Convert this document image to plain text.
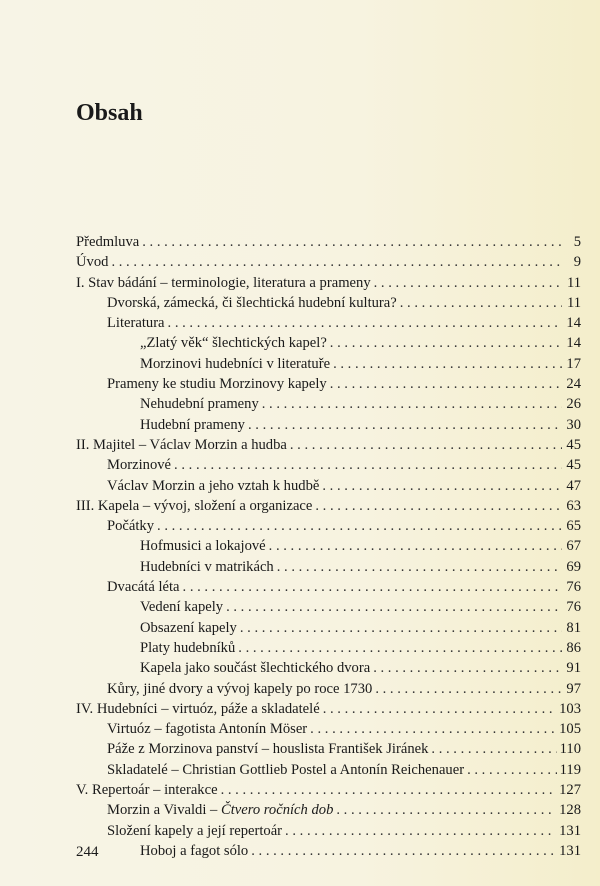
Obsah
Předmluva . . .	5
Úvod . . .	9
I. Stav bádání – terminologie, literatura a prameny . . .	11
Dvorská, zámecká, či šlechtická hudební kultura? . . .	11
Literatura . . .	14
„Zlatý věk“ šlechtických kapel? . . .	14
Morzinovi hudebníci v literatuře . . .	17
Prameny ke studiu Morzinovy kapely . . .	24
Nehudební prameny . . .	26
Hudební prameny . . .	30
II. Majitel – Václav Morzin a hudba . . .	45
Morzinové . . .	45
Václav Morzin a jeho vztah k hudbě . . .	47
III. Kapela – vývoj, složení a organizace . . .	63
Počátky . . .	65
Hofmusici a lokajové . . .	67
Hudebníci v matrikách . . .	69
Dvacátá léta . . .	76
Vedení kapely . . .	76
Obsazení kapely . . .	81
Platy hudebníků . . .	86
Kapela jako součást šlechtického dvora . . .	91
Kůry, jiné dvory a vývoj kapely po roce 1730 . . .	97
IV. Hudebníci – virtuóz, páže a skladatelé . . .	103
Virtuóz – fagotista Antonín Möser . . .	105
Páže z Morzinova panství – houslista František Jiránek . . .	110
Skladatelé – Christian Gottlieb Postel a Antonín Reichenauer . . .	119
V. Repertoár – interakce . . .	127
Morzin a Vivaldi – Čtvero ročních dob . . .	128
Složení kapely a její repertoár . . .	131
Hoboj a fagot sólo . . .	131
244
